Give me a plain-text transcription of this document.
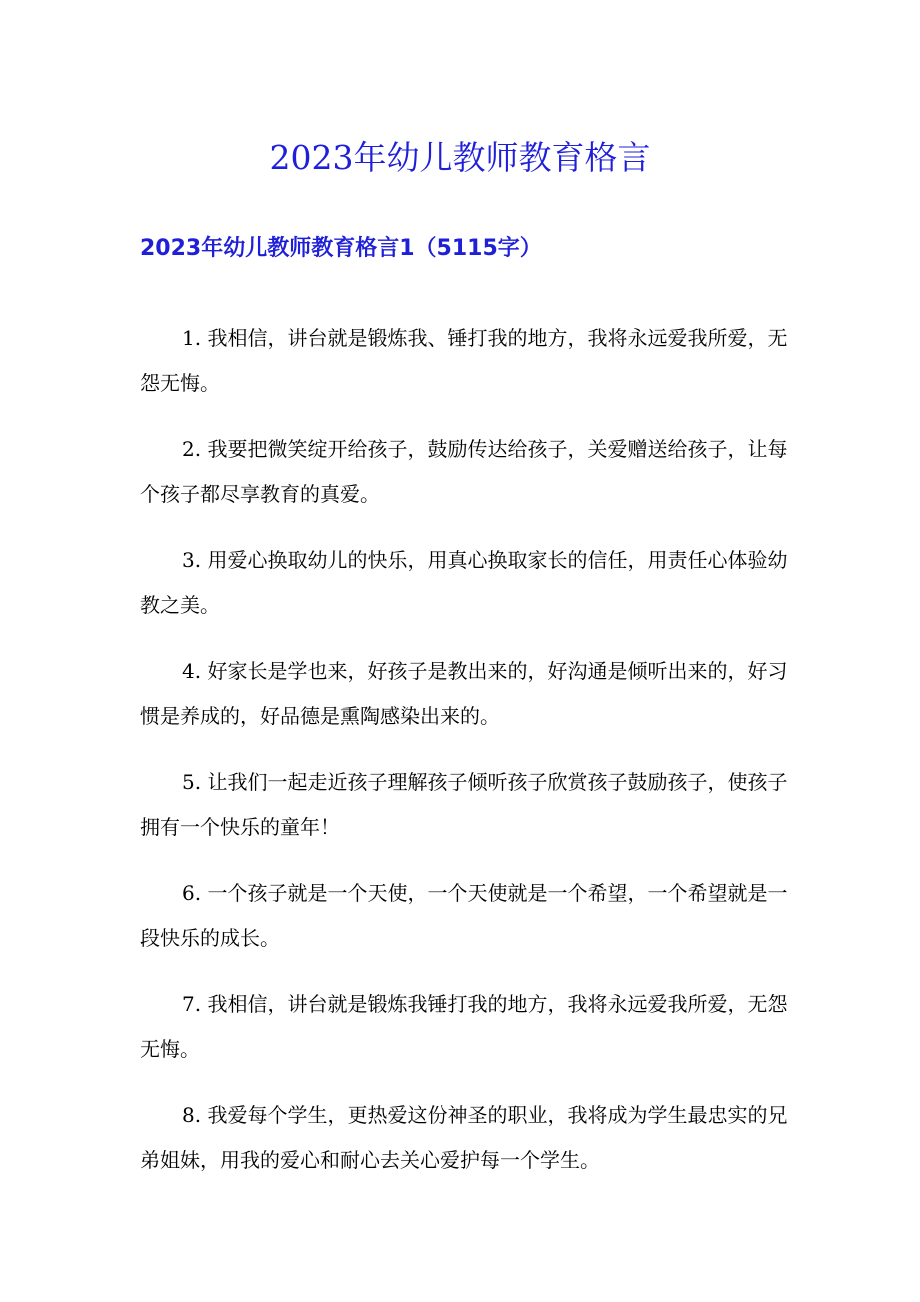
2023年幼儿教师教育格言
2023年幼儿教师教育格言1（5115字）

1. 我相信，讲台就是锻炼我、锤打我的地方，我将永远爱我所爱，无怨无悔。

2. 我要把微笑绽开给孩子，鼓励传达给孩子，关爱赠送给孩子，让每个孩子都尽享教育的真爱。

3. 用爱心换取幼儿的快乐，用真心换取家长的信任，用责任心体验幼教之美。

4. 好家长是学也来，好孩子是教出来的，好沟通是倾听出来的，好习惯是养成的，好品德是熏陶感染出来的。

5. 让我们一起走近孩子理解孩子倾听孩子欣赏孩子鼓励孩子，使孩子拥有一个快乐的童年！

6. 一个孩子就是一个天使，一个天使就是一个希望，一个希望就是一段快乐的成长。

7. 我相信，讲台就是锻炼我锤打我的地方，我将永远爱我所爱，无怨无悔。

8. 我爱每个学生，更热爱这份神圣的职业，我将成为学生最忠实的兄弟姐妹，用我的爱心和耐心去关心爱护每一个学生。
